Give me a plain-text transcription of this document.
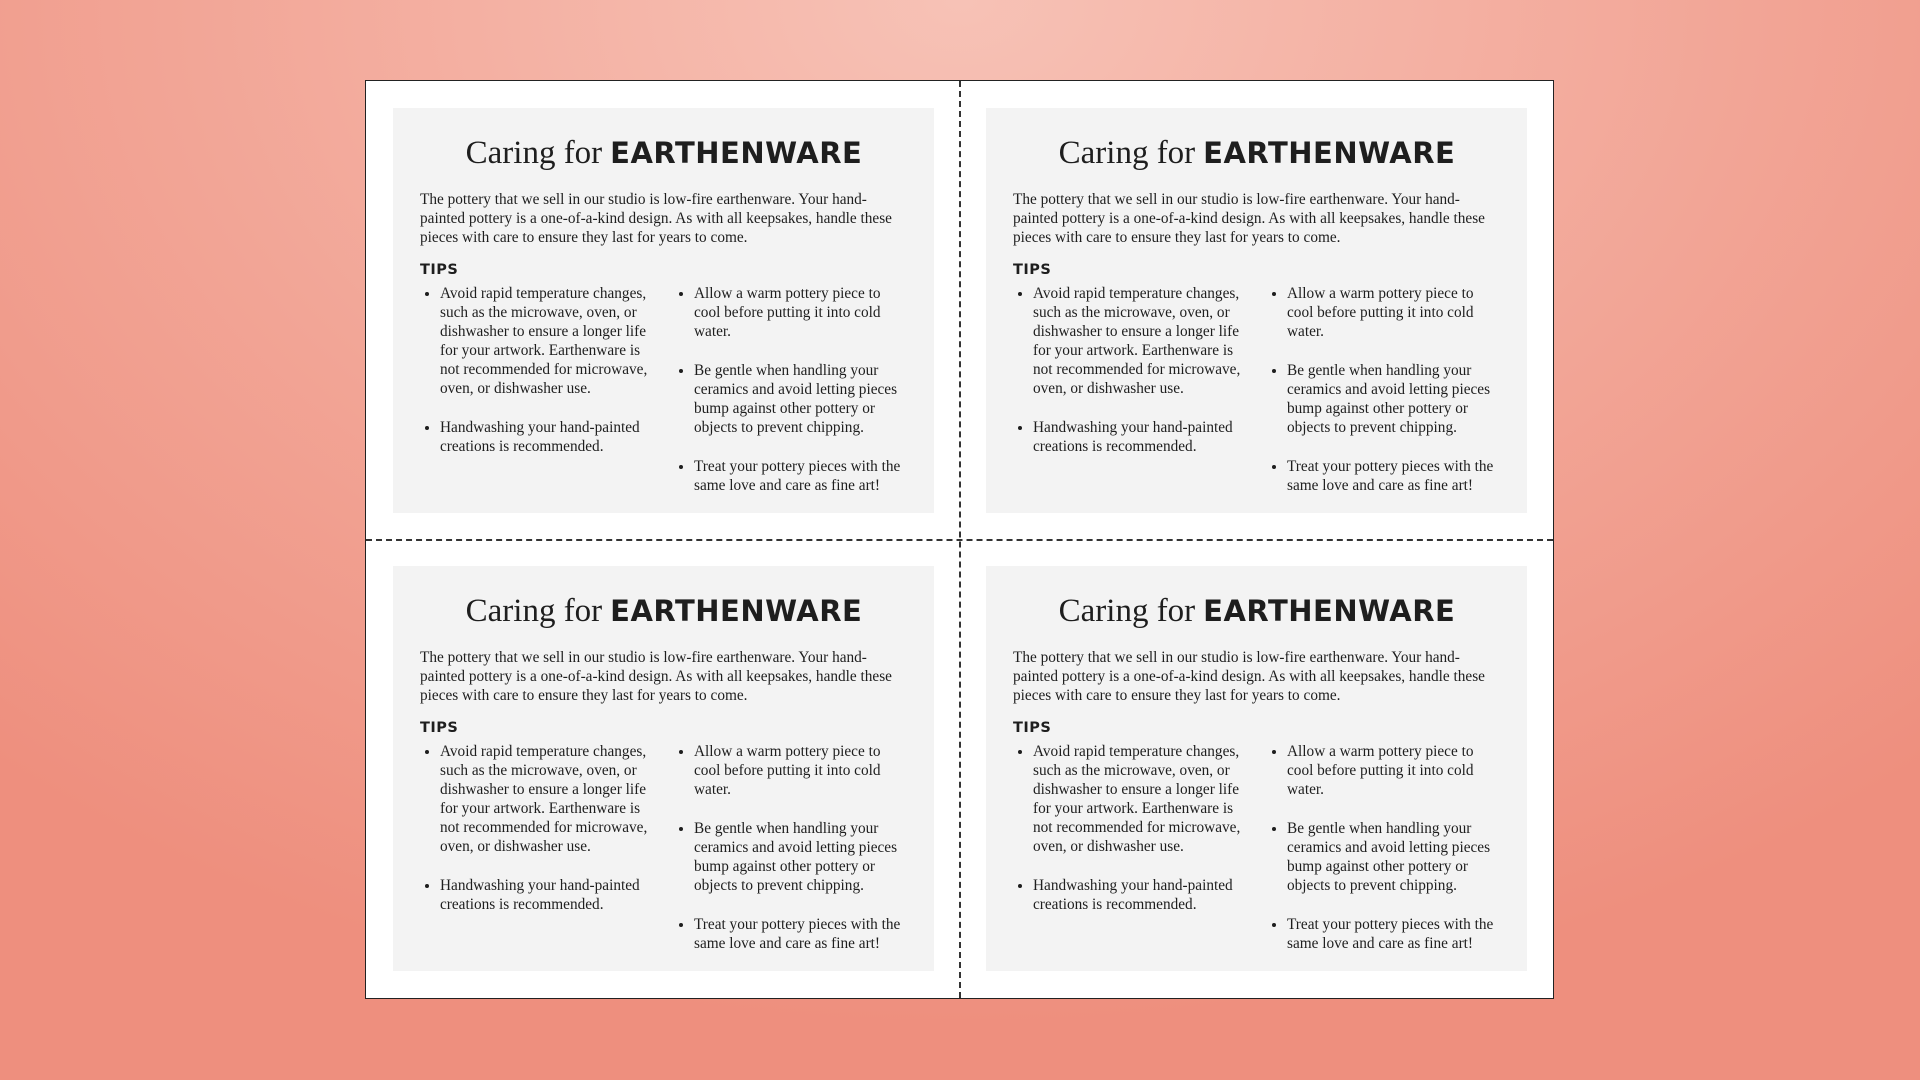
Caring for EARTHENWARE

The pottery that we sell in our studio is low-fire earthenware. Your hand-painted pottery is a one-of-a-kind design. As with all keepsakes, handle these pieces with care to ensure they last for years to come.

TIPS
• Avoid rapid temperature changes, such as the microwave, oven, or dishwasher to ensure a longer life for your artwork. Earthenware is not recommended for microwave, oven, or dishwasher use.
• Handwashing your hand-painted creations is recommended.
• Allow a warm pottery piece to cool before putting it into cold water.
• Be gentle when handling your ceramics and avoid letting pieces bump against other pottery or objects to prevent chipping.
• Treat your pottery pieces with the same love and care as fine art!
Caring for EARTHENWARE

The pottery that we sell in our studio is low-fire earthenware. Your hand-painted pottery is a one-of-a-kind design. As with all keepsakes, handle these pieces with care to ensure they last for years to come.

TIPS
• Avoid rapid temperature changes, such as the microwave, oven, or dishwasher to ensure a longer life for your artwork. Earthenware is not recommended for microwave, oven, or dishwasher use.
• Handwashing your hand-painted creations is recommended.
• Allow a warm pottery piece to cool before putting it into cold water.
• Be gentle when handling your ceramics and avoid letting pieces bump against other pottery or objects to prevent chipping.
• Treat your pottery pieces with the same love and care as fine art!
Caring for EARTHENWARE

The pottery that we sell in our studio is low-fire earthenware. Your hand-painted pottery is a one-of-a-kind design. As with all keepsakes, handle these pieces with care to ensure they last for years to come.

TIPS
• Avoid rapid temperature changes, such as the microwave, oven, or dishwasher to ensure a longer life for your artwork. Earthenware is not recommended for microwave, oven, or dishwasher use.
• Handwashing your hand-painted creations is recommended.
• Allow a warm pottery piece to cool before putting it into cold water.
• Be gentle when handling your ceramics and avoid letting pieces bump against other pottery or objects to prevent chipping.
• Treat your pottery pieces with the same love and care as fine art!
Caring for EARTHENWARE

The pottery that we sell in our studio is low-fire earthenware. Your hand-painted pottery is a one-of-a-kind design. As with all keepsakes, handle these pieces with care to ensure they last for years to come.

TIPS
• Avoid rapid temperature changes, such as the microwave, oven, or dishwasher to ensure a longer life for your artwork. Earthenware is not recommended for microwave, oven, or dishwasher use.
• Handwashing your hand-painted creations is recommended.
• Allow a warm pottery piece to cool before putting it into cold water.
• Be gentle when handling your ceramics and avoid letting pieces bump against other pottery or objects to prevent chipping.
• Treat your pottery pieces with the same love and care as fine art!
